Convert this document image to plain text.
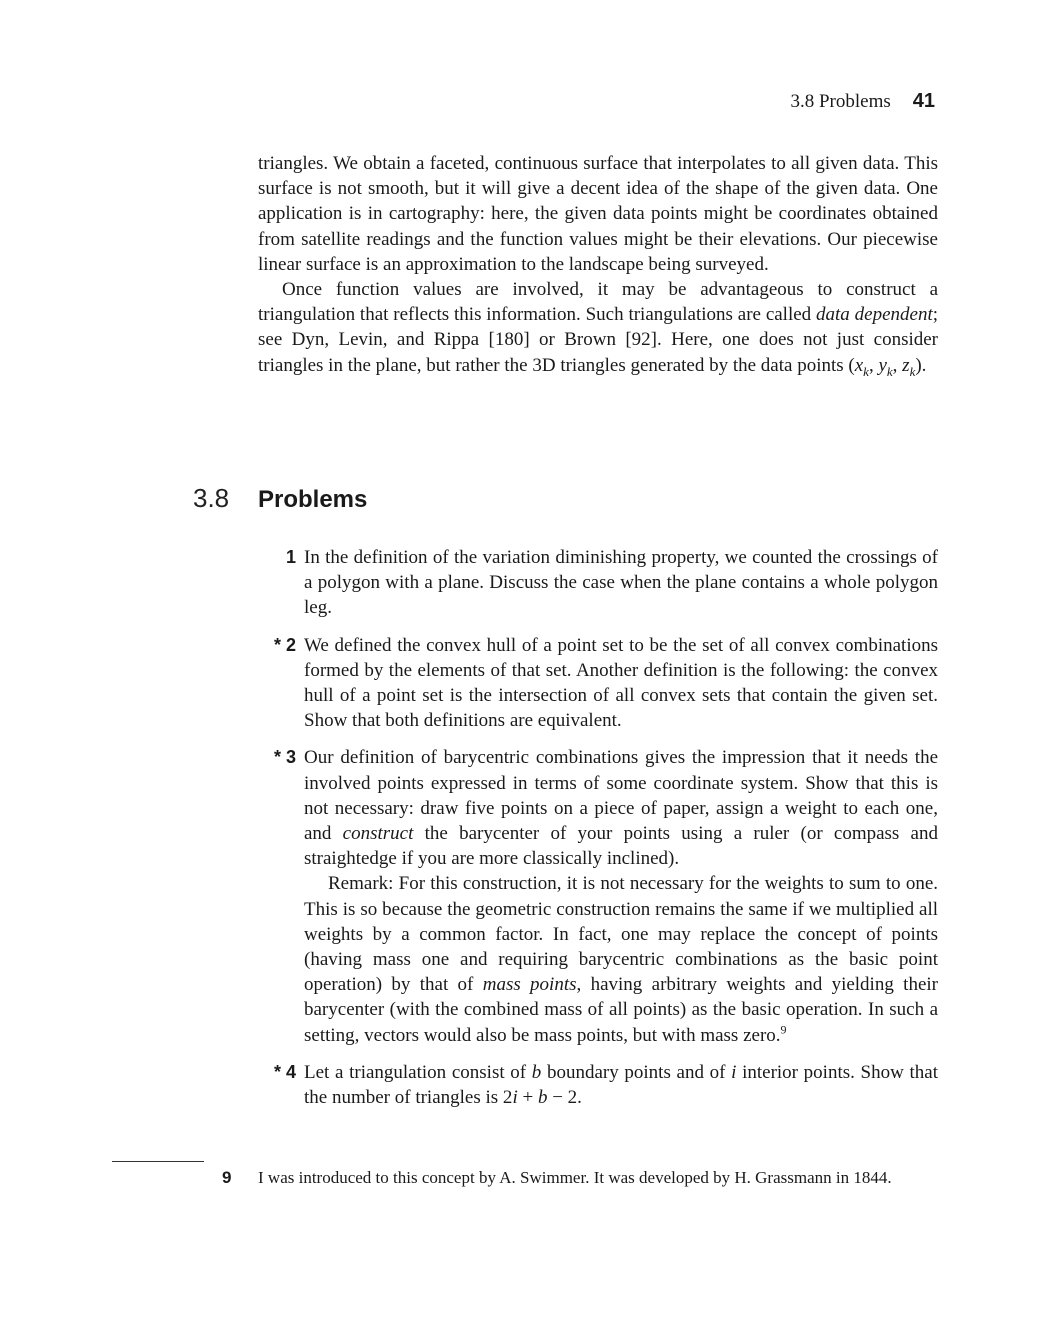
3.8 Problems 41

triangles. We obtain a faceted, continuous surface that interpolates to all given data. This surface is not smooth, but it will give a decent idea of the shape of the given data. One application is in cartography: here, the given data points might be coordinates obtained from satellite readings and the function values might be their elevations. Our piecewise linear surface is an approximation to the landscape being surveyed.

Once function values are involved, it may be advantageous to construct a triangulation that reflects this information. Such triangulations are called data dependent; see Dyn, Levin, and Rippa [180] or Brown [92]. Here, one does not just consider triangles in the plane, but rather the 3D triangles generated by the data points ($x_k$, $y_k$, $z_k$).

3.8	Problems
1 In the definition of the variation diminishing property, we counted the crossings of a polygon with a plane. Discuss the case when the plane contains a whole polygon leg.

* 2 We defined the convex hull of a point set to be the set of all convex combinations formed by the elements of that set. Another definition is the following: the convex hull of a point set is the intersection of all convex sets that contain the given set. Show that both definitions are equivalent.

* 3 Our definition of barycentric combinations gives the impression that it needs the involved points expressed in terms of some coordinate system. Show that this is not necessary: draw five points on a piece of paper, assign a weight to each one, and construct the barycenter of your points using a ruler (or compass and straightedge if you are more classically inclined).

Remark: For this construction, it is not necessary for the weights to sum to one. This is so because the geometric construction remains the same if we multiplied all weights by a common factor. In fact, one may replace the concept of points (having mass one and requiring barycentric combinations as the basic point operation) by that of mass points, having arbitrary weights and yielding their barycenter (with the combined mass of all points) as the basic operation. In such a setting, vectors would also be mass points, but with mass zero.$^9$

* 4 Let a triangulation consist of b boundary points and of i interior points. Show that the number of triangles is 2i + b − 2.

9 I was introduced to this concept by A. Swimmer. It was developed by H. Grassmann in 1844.
